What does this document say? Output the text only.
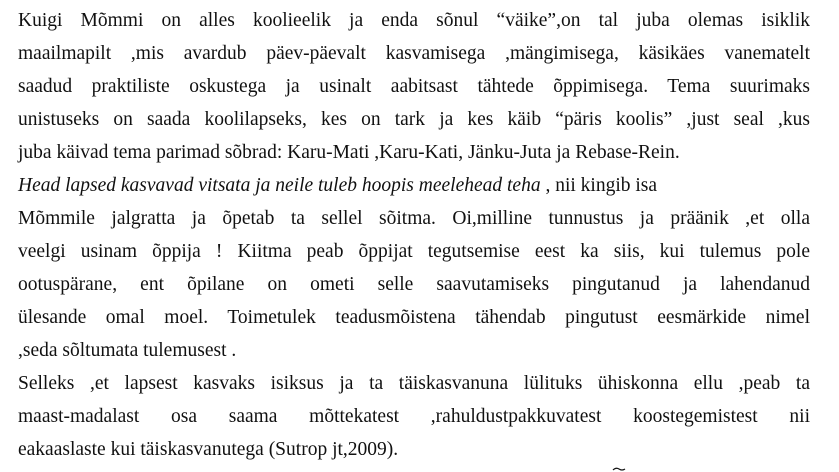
Kuigi Mõmmi on alles koolieelik ja enda sõnul “väike”,on tal juba olemas isiklik
maailmapilt ,mis avardub päev-päevalt kasvamisega ,mängimisega, käsikäes vanematelt
saadud praktiliste oskustega ja usinalt aabitsast tähtede õppimisega. Tema suurimaks
unistuseks on saada koolilapseks, kes on tark ja kes käib “päris koolis” ,just seal ,kus
juba käivad tema parimad sõbrad: Karu-Mati ,Karu-Kati, Jänku-Juta ja Rebase-Rein.
Head lapsed kasvavad vitsata ja neile tuleb hoopis meelehead teha , nii kingib isa
Mõmmile jalgratta ja õpetab ta sellel sõitma. Oi,milline tunnustus ja präänik ,et olla
veelgi usinam õppija ! Kiitma peab õppijat tegutsemise eest ka siis, kui tulemus pole
ootuspärane, ent õpilane on ometi selle saavutamiseks pingutanud ja lahendanud
ülesande omal moel. Toimetulek teadusmõistena tähendab pingutust eesmärkide nimel
,seda sõltumata tulemusest .
Selleks ,et lapsest kasvaks isiksus ja ta täiskasvanuna lülituks ühiskonna ellu ,peab ta
maast-madalast osa saama mõttekatest ,rahuldustpakkuvatest koostegemistest nii
eakaaslaste kui täiskasvanutega (Sutrop jt,2009).
